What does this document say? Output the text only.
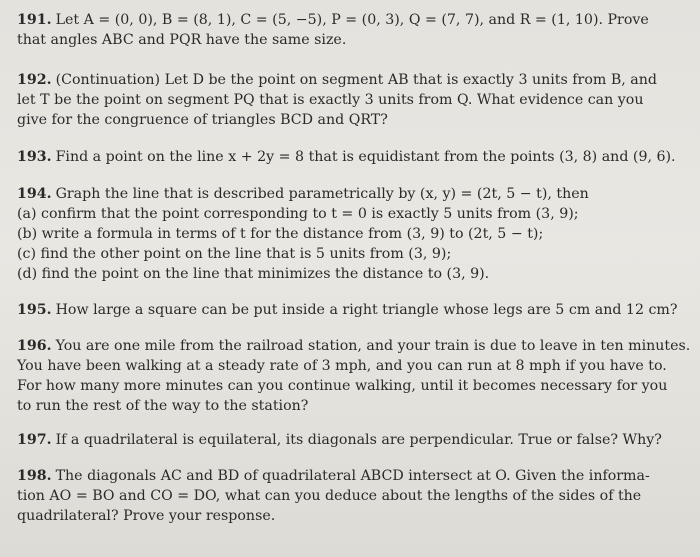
191. Let A = (0, 0), B = (8, 1), C = (5, −5), P = (0, 3), Q = (7, 7), and R = (1, 10). Prove
that angles ABC and PQR have the same size.
192. (Continuation) Let D be the point on segment AB that is exactly 3 units from B, and
let T be the point on segment PQ that is exactly 3 units from Q. What evidence can you
give for the congruence of triangles BCD and QRT?
193. Find a point on the line x + 2y = 8 that is equidistant from the points (3, 8) and (9, 6).
194. Graph the line that is described parametrically by (x, y) = (2t, 5 − t), then
(a) confirm that the point corresponding to t = 0 is exactly 5 units from (3, 9);
(b) write a formula in terms of t for the distance from (3, 9) to (2t, 5 − t);
(c) find the other point on the line that is 5 units from (3, 9);
(d) find the point on the line that minimizes the distance to (3, 9).
195. How large a square can be put inside a right triangle whose legs are 5 cm and 12 cm?
196. You are one mile from the railroad station, and your train is due to leave in ten minutes.
You have been walking at a steady rate of 3 mph, and you can run at 8 mph if you have to.
For how many more minutes can you continue walking, until it becomes necessary for you
to run the rest of the way to the station?
197. If a quadrilateral is equilateral, its diagonals are perpendicular. True or false? Why?
198. The diagonals AC and BD of quadrilateral ABCD intersect at O. Given the informa-
tion AO = BO and CO = DO, what can you deduce about the lengths of the sides of the
quadrilateral? Prove your response.
